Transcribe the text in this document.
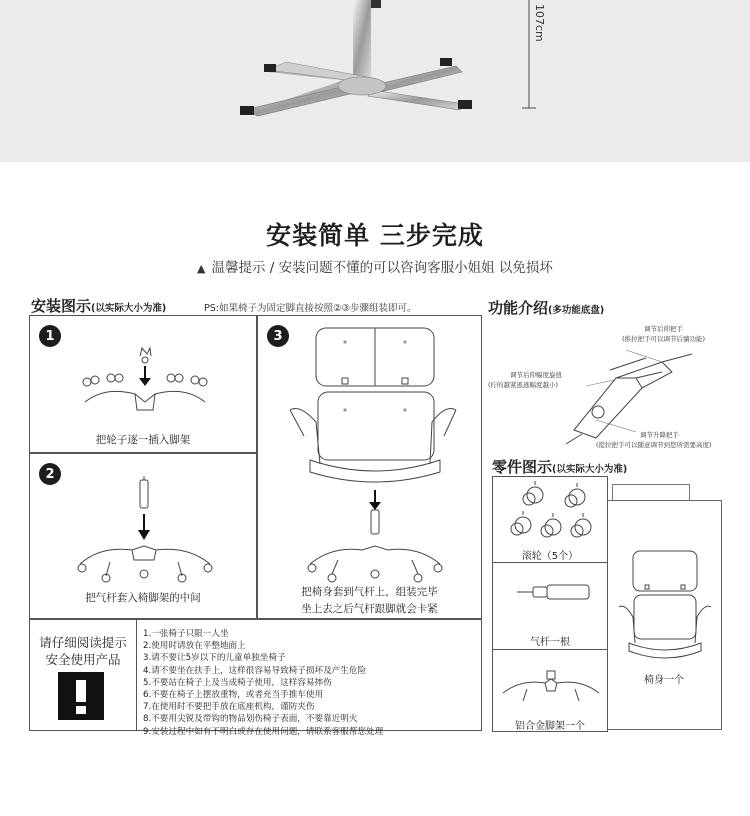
107cm
安装简单 三步完成
▲ 温馨提示 / 安装问题不懂的可以咨询客服小姐姐 以免损坏
安装图示(以实际大小为准)	PS:如果椅子为固定脚直接按照②③步骤组装即可。
1
把轮子逐一插入脚架
2
把气杆套入椅脚架的中间
3
把椅身套到气杆上，组装完毕
坐上去之后气杆跟脚就会卡紧
请仔细阅读提示
安全使用产品
1.一张椅子只限一人坐
2.使用时请放在平整地面上
3.请不要让5岁以下的儿童单独坐椅子
4.请不要坐在扶手上，这样很容易导致椅子损坏及产生危险
5.不要站在椅子上及当成椅子使用，这样容易摔伤
6.不要在椅子上摆放重物，或者充当手推车使用
7.在使用时不要把手放在底座机构，谨防夹伤
8.不要用尖锐及带钩的物品划伤椅子表面，不要靠近明火
9.安装过程中如有不明白或存在使用问题，请联系客服帮您处理
功能介绍(多功能底盘)
调节后仰把手
(推拉把手可以调节后躺功能)
调节后仰幅度旋扭
(拧的越紧逃逃幅度越小)
调节升降把手
(提拉把手可以随意调节到您所需要高度)
零件图示(以实际大小为准)
椅身一个
滚轮（5个）
气杆一根
铝合金脚架一个
